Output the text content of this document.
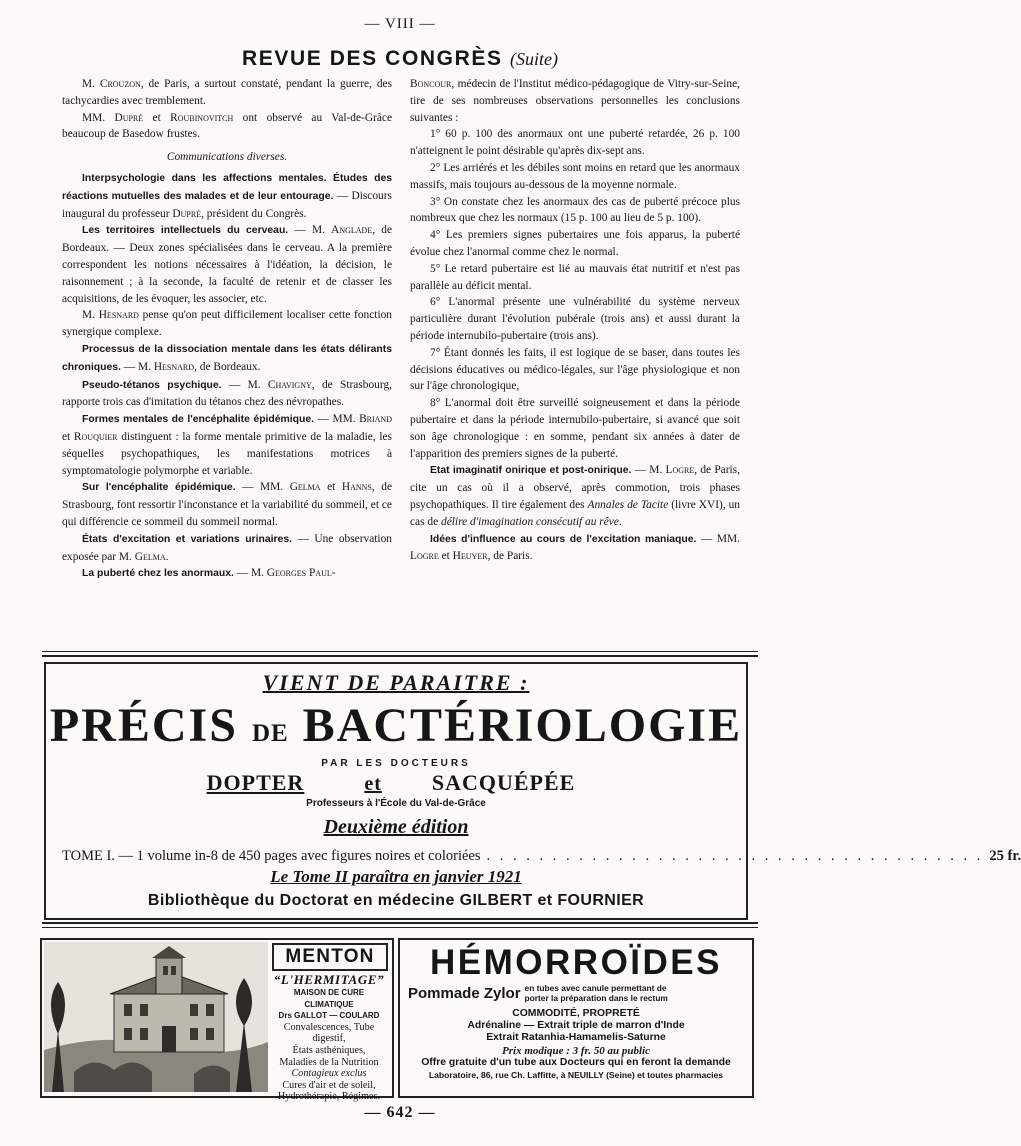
— VIII —
REVUE DES CONGRÈS (Suite)

M. Crouzon, de Paris, a surtout constaté, pendant la guerre, des tachycardies avec tremblement.

MM. Dupré et Roubinovitch ont observé au Val-de-Grâce beaucoup de Basedow frustes.

Communications diverses.

Interpsychologie dans les affections mentales. Études des réactions mutuelles des malades et de leur entourage. — Discours inaugural du professeur Dupré, président du Congrès.

Les territoires intellectuels du cerveau. — M. Anglade, de Bordeaux. — Deux zones spécialisées dans le cerveau. A la première correspondent les notions nécessaires à l'idéation, la décision, le raisonnement ; à la seconde, la faculté de retenir et de classer les acquisitions, de les évoquer, les associer, etc.

M. Hesnard pense qu'on peut difficilement localiser cette fonction synergique complexe.

Processus de la dissociation mentale dans les états délirants chroniques. — M. Hesnard, de Bordeaux.

Pseudo-tétanos psychique. — M. Chavigny, de Strasbourg, rapporte trois cas d'imitation du tétanos chez des névropathes.

Formes mentales de l'encéphalite épidémique. — MM. Briand et Rouquier distinguent : la forme mentale primitive de la maladie, les séquelles psychopathiques, les manifestations motrices à symptomatologie polymorphe et variable.

Sur l'encéphalite épidémique. — MM. Gelma et Hanns, de Strasbourg, font ressortir l'inconstance et la variabilité du sommeil, et ce qui différencie ce sommeil du sommeil normal.

États d'excitation et variations urinaires. — Une observation exposée par M. Gelma.

La puberté chez les anormaux. — M. Georges Paul-

Boncour, médecin de l'Institut médico-pédagogique de Vitry-sur-Seine, tire de ses nombreuses observations personnelles les conclusions suivantes :

1° 60 p. 100 des anormaux ont une puberté retardée, 26 p. 100 n'atteignent le point désirable qu'après dix-sept ans.

2° Les arriérés et les débiles sont moins en retard que les anormaux massifs, mais toujours au-dessous de la moyenne normale.

3° On constate chez les anormaux des cas de puberté précoce plus nombreux que chez les normaux (15 p. 100 au lieu de 5 p. 100).

4° Les premiers signes pubertaires une fois apparus, la puberté évolue chez l'anormal comme chez le normal.

5° Le retard pubertaire est lié au mauvais état nutritif et n'est pas parallèle au déficit mental.

6° L'anormal présente une vulnérabilité du système nerveux particulière durant l'évolution pubérale (trois ans) et aussi durant la période internubilo-pubertaire (trois ans).

7° Étant donnés les faits, il est logique de se baser, dans toutes les décisions éducatives ou médico-légales, sur l'âge physiologique et non sur l'âge chronologique,

8° L'anormal doit être surveillé soigneusement et dans la période pubertaire et dans la période internubilo-pubertaire, si avancé que soit son âge chronologique : en somme, pendant six années à dater de l'apparition des premiers signes de la puberté.

Etat imaginatif onirique et post-onirique. — M. Logre, de Paris, cite un cas où il a observé, après commotion, trois phases psychopathiques. Il tire également des Annales de Tacite (livre XVI), un cas de délire d'imagination consécutif au rêve.

Idées d'influence au cours de l'excitation maniaque. — MM. Logre et Heuyer, de Paris.

VIENT DE PARAITRE :
PRÉCIS DE BACTÉRIOLOGIE
PAR LES DOCTEURS
DOPTER	et SACQUÉPÉE
Professeurs à l'École du Val-de-Grâce
Deuxième édition
TOME I. — 1 volume in-8 de 450 pages avec figures noires et coloriées . . . . . . . . . . . . . . . . . . . . . . . . . . . . . . . . . . . . . . 25 fr.
Le Tome II paraîtra en janvier 1921
Bibliothèque du Doctorat en médecine GILBERT et FOURNIER
MENTON
“L'HERMITAGE”
MAISON DE CURE CLIMATIQUE
Drs GALLOT — COULARD
Convalescences, Tube digestif,
États asthéniques,
Maladies de la Nutrition
Contagieux exclus
Cures d'air et de soleil,
Hydrothérapie, Régimes.
HÉMORROÏDES
Pommade Zylor en tubes avec canule permettant de
porter la préparation dans le rectum
COMMODITÉ, PROPRETÉ
Adrénaline — Extrait triple de marron d'Inde
Extrait Ratanhia-Hamamelis-Saturne
Prix modique : 3 fr. 50 au public
Offre gratuite d'un tube aux Docteurs qui en feront la demande
Laboratoire, 86, rue Ch. Laffitte, à NEUILLY (Seine) et toutes pharmacies
— 642 —
